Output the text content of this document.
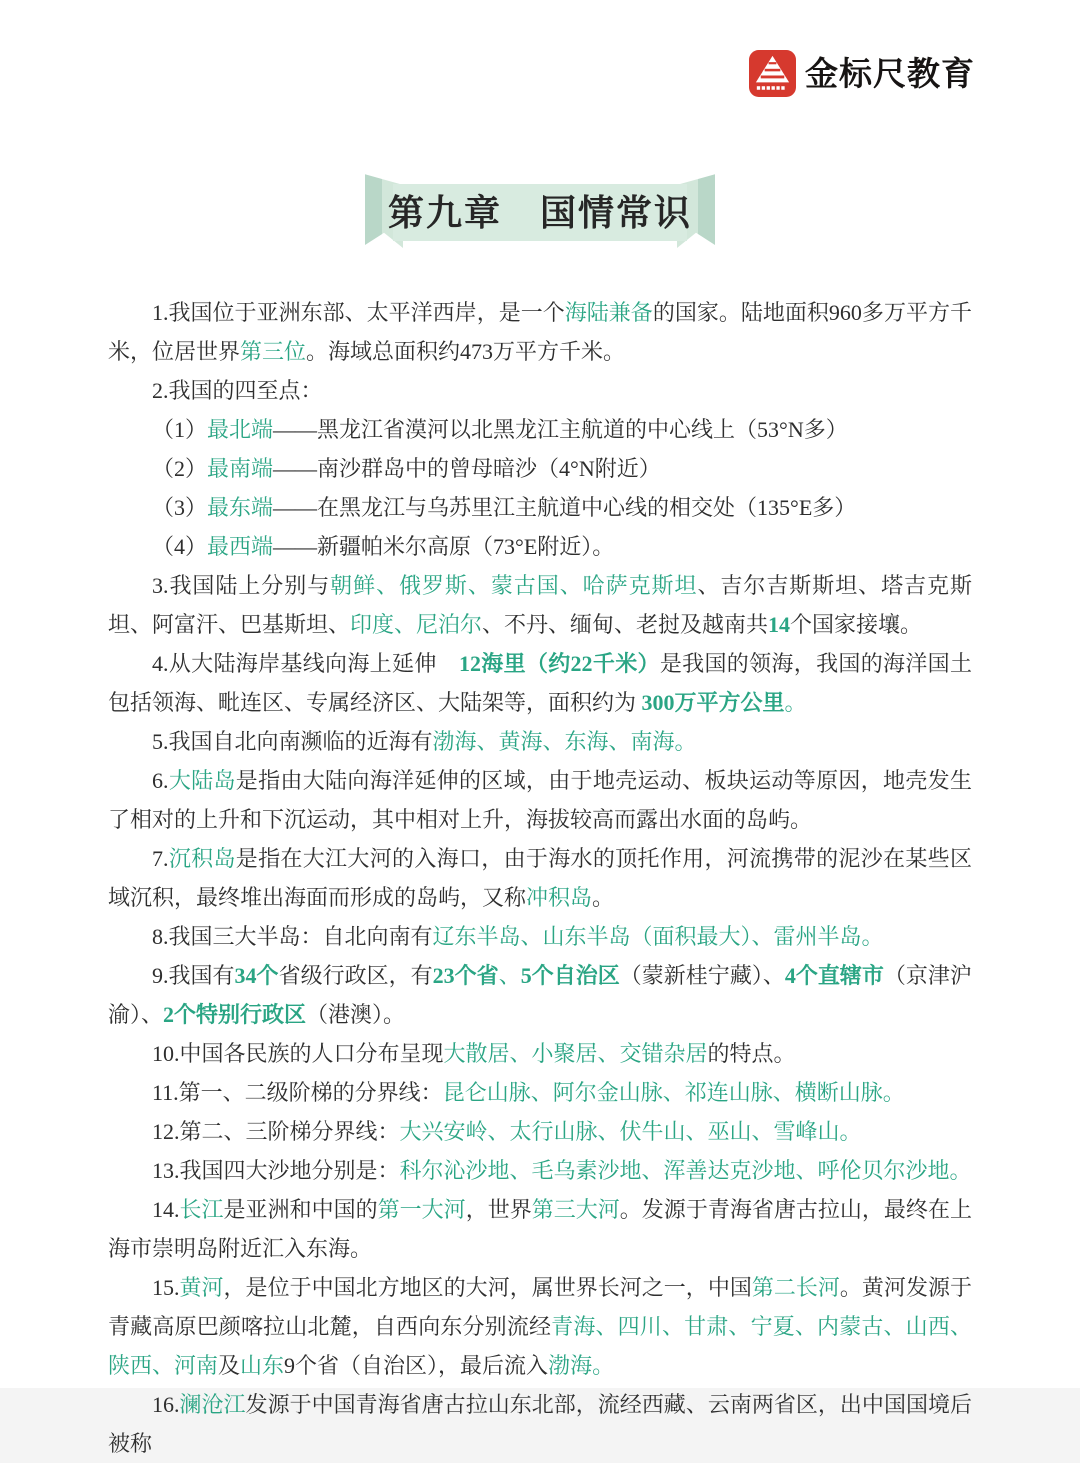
金标尺教育
第九章　国情常识

1.我国位于亚洲东部、太平洋西岸，是一个海陆兼备的国家。陆地面积960多万平方千米，位居世界第三位。海域总面积约473万平方千米。

2.我国的四至点：

（1）最北端——黑龙江省漠河以北黑龙江主航道的中心线上（53°N多）

（2）最南端——南沙群岛中的曾母暗沙（4°N附近）

（3）最东端——在黑龙江与乌苏里江主航道中心线的相交处（135°E多）

（4）最西端——新疆帕米尔高原（73°E附近）。

3.我国陆上分别与朝鲜、俄罗斯、蒙古国、哈萨克斯坦、吉尔吉斯斯坦、塔吉克斯坦、阿富汗、巴基斯坦、印度、尼泊尔、不丹、缅甸、老挝及越南共14个国家接壤。

4.从大陆海岸基线向海上延伸　12海里（约22千米）是我国的领海，我国的海洋国土包括领海、毗连区、专属经济区、大陆架等，面积约为 300万平方公里。

5.我国自北向南濒临的近海有渤海、黄海、东海、南海。

6.大陆岛是指由大陆向海洋延伸的区域，由于地壳运动、板块运动等原因，地壳发生了相对的上升和下沉运动，其中相对上升，海拔较高而露出水面的岛屿。

7.沉积岛是指在大江大河的入海口，由于海水的顶托作用，河流携带的泥沙在某些区域沉积，最终堆出海面而形成的岛屿，又称冲积岛。

8.我国三大半岛：自北向南有辽东半岛、山东半岛（面积最大）、雷州半岛。

9.我国有34个省级行政区，有23个省、5个自治区（蒙新桂宁藏）、4个直辖市（京津沪渝）、2个特别行政区（港澳）。

10.中国各民族的人口分布呈现大散居、小聚居、交错杂居的特点。

11.第一、二级阶梯的分界线：昆仑山脉、阿尔金山脉、祁连山脉、横断山脉。

12.第二、三阶梯分界线：大兴安岭、太行山脉、伏牛山、巫山、雪峰山。

13.我国四大沙地分别是：科尔沁沙地、毛乌素沙地、浑善达克沙地、呼伦贝尔沙地。

14.长江是亚洲和中国的第一大河，世界第三大河。发源于青海省唐古拉山，最终在上海市崇明岛附近汇入东海。

15.黄河，是位于中国北方地区的大河，属世界长河之一，中国第二长河。黄河发源于青藏高原巴颜喀拉山北麓，自西向东分别流经青海、四川、甘肃、宁夏、内蒙古、山西、陕西、河南及山东9个省（自治区），最后流入渤海。

16.澜沧江发源于中国青海省唐古拉山东北部，流经西藏、云南两省区，出中国国境后被称
